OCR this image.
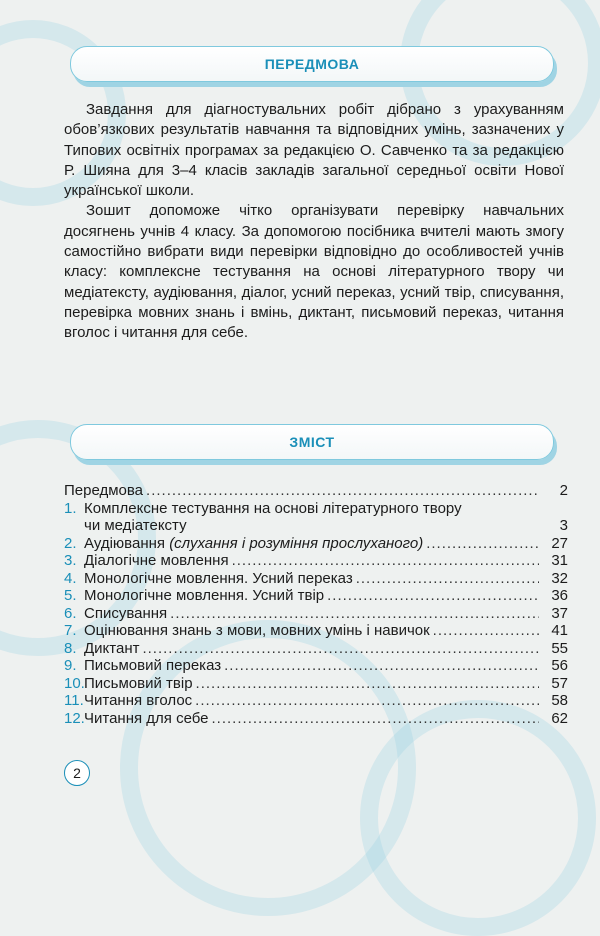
ПЕРЕДМОВА

Завдання для діагностувальних робіт дібрано з урахуванням обов’язкових результатів навчання та відповідних умінь, зазначених у Типових освітніх програмах за редакцією О. Савченко та за редакцією Р. Шияна для 3–4 класів закладів загальної середньої освіти Нової української школи.

Зошит допоможе чітко організувати перевірку навчальних досягнень учнів 4 класу. За допомогою посібника вчителі мають змогу самостійно вибрати види перевірки відповідно до особливостей учнів класу: комплексне тестування на основі літературного твору чи медіатексту, аудіювання, діалог, усний переказ, усний твір, списування, перевірка мовних знань і вмінь, диктант, письмовий переказ, читання вголос і читання для себе.

ЗМІСТ
Передмова .....	2
1. Комплексне тестування на основі літературного твору
чи медіатексту	3
2. Аудіювання (слухання і розуміння прослуханого) .....	27
3. Діалогічне мовлення .....	31
4. Монологічне мовлення. Усний переказ .....	32
5. Монологічне мовлення. Усний твір .....	36
6. Списування .....	37
7. Оцінювання знань з мови, мовних умінь і навичок .....	41
8. Диктант .....	55
9. Письмовий переказ .....	56
10. Письмовий твір .....	57
11. Читання вголос .....	58
12. Читання для себе .....	62
2
